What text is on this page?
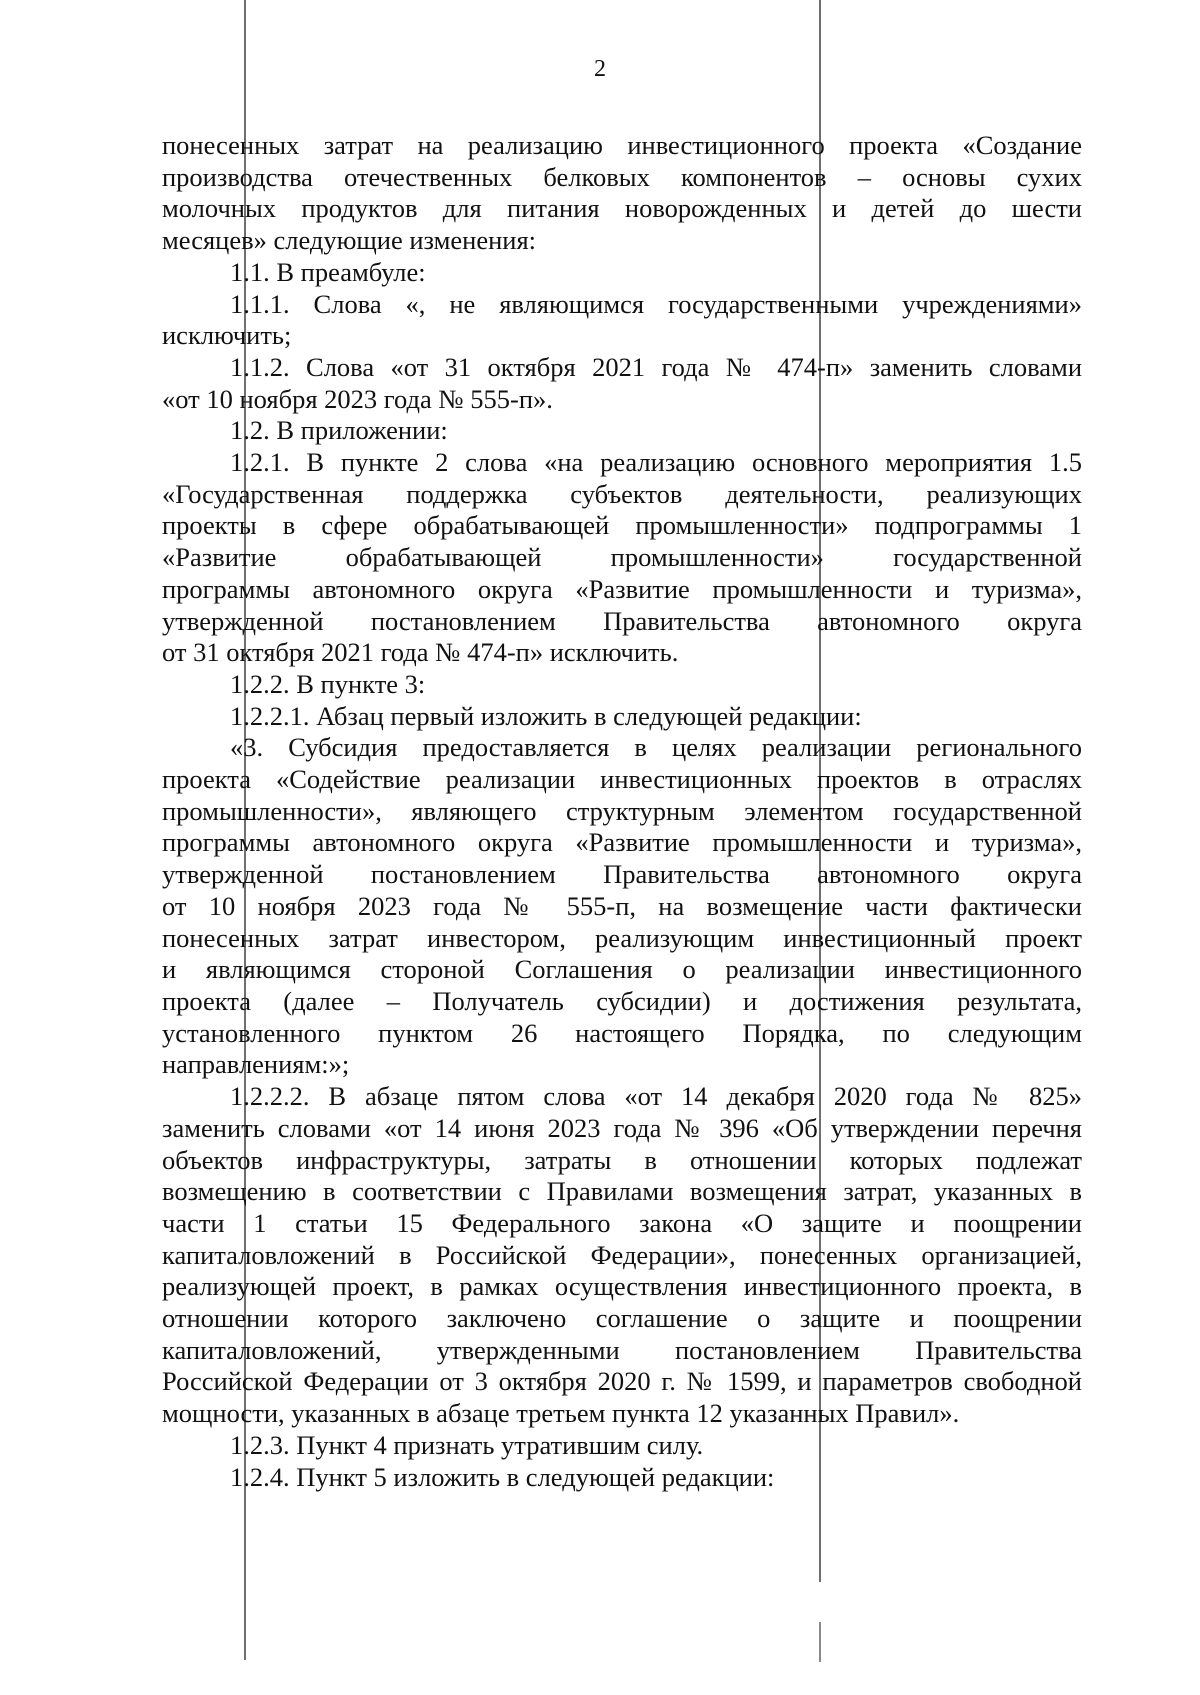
2

понесенных затрат на реализацию инвестиционного проекта «Создание

производства отечественных белковых компонентов – основы сухих

молочных продуктов для питания новорожденных и детей до шести

месяцев» следующие изменения:

1.1. В преамбуле:

1.1.1. Слова «, не являющимся государственными учреждениями»

исключить;

1.1.2. Слова «от 31 октября 2021 года № 474-п» заменить словами

«от 10 ноября 2023 года № 555-п».

1.2. В приложении:

1.2.1. В пункте 2 слова «на реализацию основного мероприятия 1.5

«Государственная поддержка субъектов деятельности, реализующих

проекты в сфере обрабатывающей промышленности» подпрограммы 1

«Развитие обрабатывающей промышленности» государственной

программы автономного округа «Развитие промышленности и туризма»,

утвержденной постановлением Правительства автономного округа

от 31 октября 2021 года № 474-п» исключить.

1.2.2. В пункте 3:

1.2.2.1. Абзац первый изложить в следующей редакции:

«3. Субсидия предоставляется в целях реализации регионального

проекта «Содействие реализации инвестиционных проектов в отраслях

промышленности», являющего структурным элементом государственной

программы автономного округа «Развитие промышленности и туризма»,

утвержденной постановлением Правительства автономного округа

от 10 ноября 2023 года № 555-п, на возмещение части фактически

понесенных затрат инвестором, реализующим инвестиционный проект

и являющимся стороной Соглашения о реализации инвестиционного

проекта (далее – Получатель субсидии) и достижения результата,

установленного пунктом 26 настоящего Порядка, по следующим

направлениям:»;

1.2.2.2. В абзаце пятом слова «от 14 декабря 2020 года № 825»

заменить словами «от 14 июня 2023 года № 396 «Об утверждении перечня

объектов инфраструктуры, затраты в отношении которых подлежат

возмещению в соответствии с Правилами возмещения затрат, указанных в

части 1 статьи 15 Федерального закона «О защите и поощрении

капиталовложений в Российской Федерации», понесенных организацией,

реализующей проект, в рамках осуществления инвестиционного проекта, в

отношении которого заключено соглашение о защите и поощрении

капиталовложений, утвержденными постановлением Правительства

Российской Федерации от 3 октября 2020 г. № 1599, и параметров свободной

мощности, указанных в абзаце третьем пункта 12 указанных Правил».

1.2.3. Пункт 4 признать утратившим силу.

1.2.4. Пункт 5 изложить в следующей редакции:
